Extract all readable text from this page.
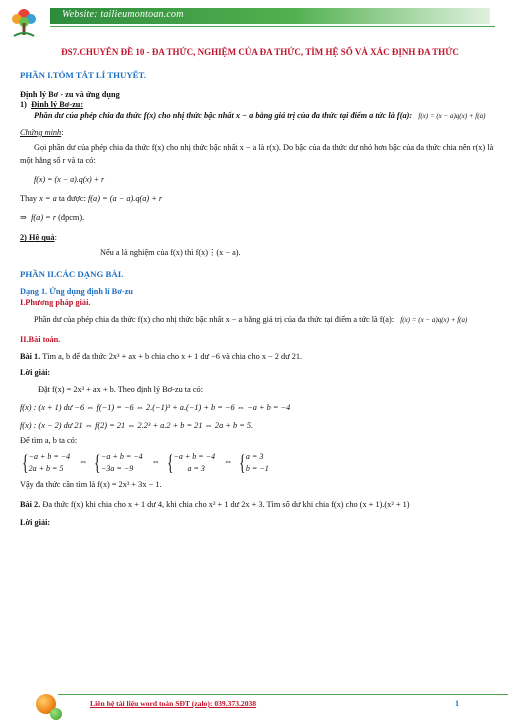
Website: tailieumontoan.com
ĐS7.CHUYÊN ĐỀ 10 - ĐA THỨC, NGHIỆM CỦA ĐA THỨC, TÌM HỆ SỐ VÀ XÁC ĐỊNH ĐA THỨC
PHẦN I.TÓM TẮT LÍ THUYẾT.

Định lý Bơ - zu và ứng dụng

1) Định lý Bơ-zu:

Phần dư của phép chia đa thức f(x) cho nhị thức bậc nhất x − a bằng giá trị của đa thức tại điểm a tức là f(a): f(x) = (x − a)q(x) + f(a)

Chứng minh:

Gọi phần dư của phép chia đa thức f(x) cho nhị thức bậc nhất x − a là r(x). Do bậc của đa thức dư nhỏ hơn bậc của đa thức chia nên r(x) là một hằng số r và ta có:

f(x) = (x − a).q(x) + r

Thay x = a ta được: f(a) = (a − a).q(a) + r

⇒ f(a) = r (đpcm).

2) Hệ quả:

Nếu a là nghiệm của f(x) thì f(x)⋮(x − a).

PHẦN II.CÁC DẠNG BÀI.

Dạng 1. Ứng dụng định lí Bơ-zu

I.Phương pháp giải.

Phần dư của phép chia đa thức f(x) cho nhị thức bậc nhất x − a bằng giá trị của đa thức tại điểm a tức là f(a): f(x) = (x − a)q(x) + f(a)

II.Bài toán.

Bài 1. Tìm a, b để đa thức 2x³ + ax + b chia cho x + 1 dư −6 và chia cho x − 2 dư 21.

Lời giải:

Đặt f(x) = 2x³ + ax + b. Theo định lý Bơ-zu ta có:

f(x) : (x + 1) dư −6 ⇔ f(−1) = −6 ⇔ 2.(−1)³ + a.(−1) + b = −6 ⇔ −a + b = −4

f(x) : (x − 2) dư 21 ⇔ f(2) = 21 ⇔ 2.2³ + a.2 + b = 21 ⇔ 2a + b = 5.

Để tìm a, b ta có:

{ −a + b = −4
2a + b = 5
⇔ { −a + b = −4
−3a = −9
⇔ { −a + b = −4
a = 3
⇔ { a = 3
b = −1

Vậy đa thức cần tìm là f(x) = 2x³ + 3x − 1.

Bài 2. Đa thức f(x) khi chia cho x + 1 dư 4, khi chia cho x² + 1 dư 2x + 3. Tìm số dư khi chia f(x) cho (x + 1).(x² + 1)

Lời giải:

Liên hệ tài liệu word toán SĐT (zalo): 039.373.2038	1
